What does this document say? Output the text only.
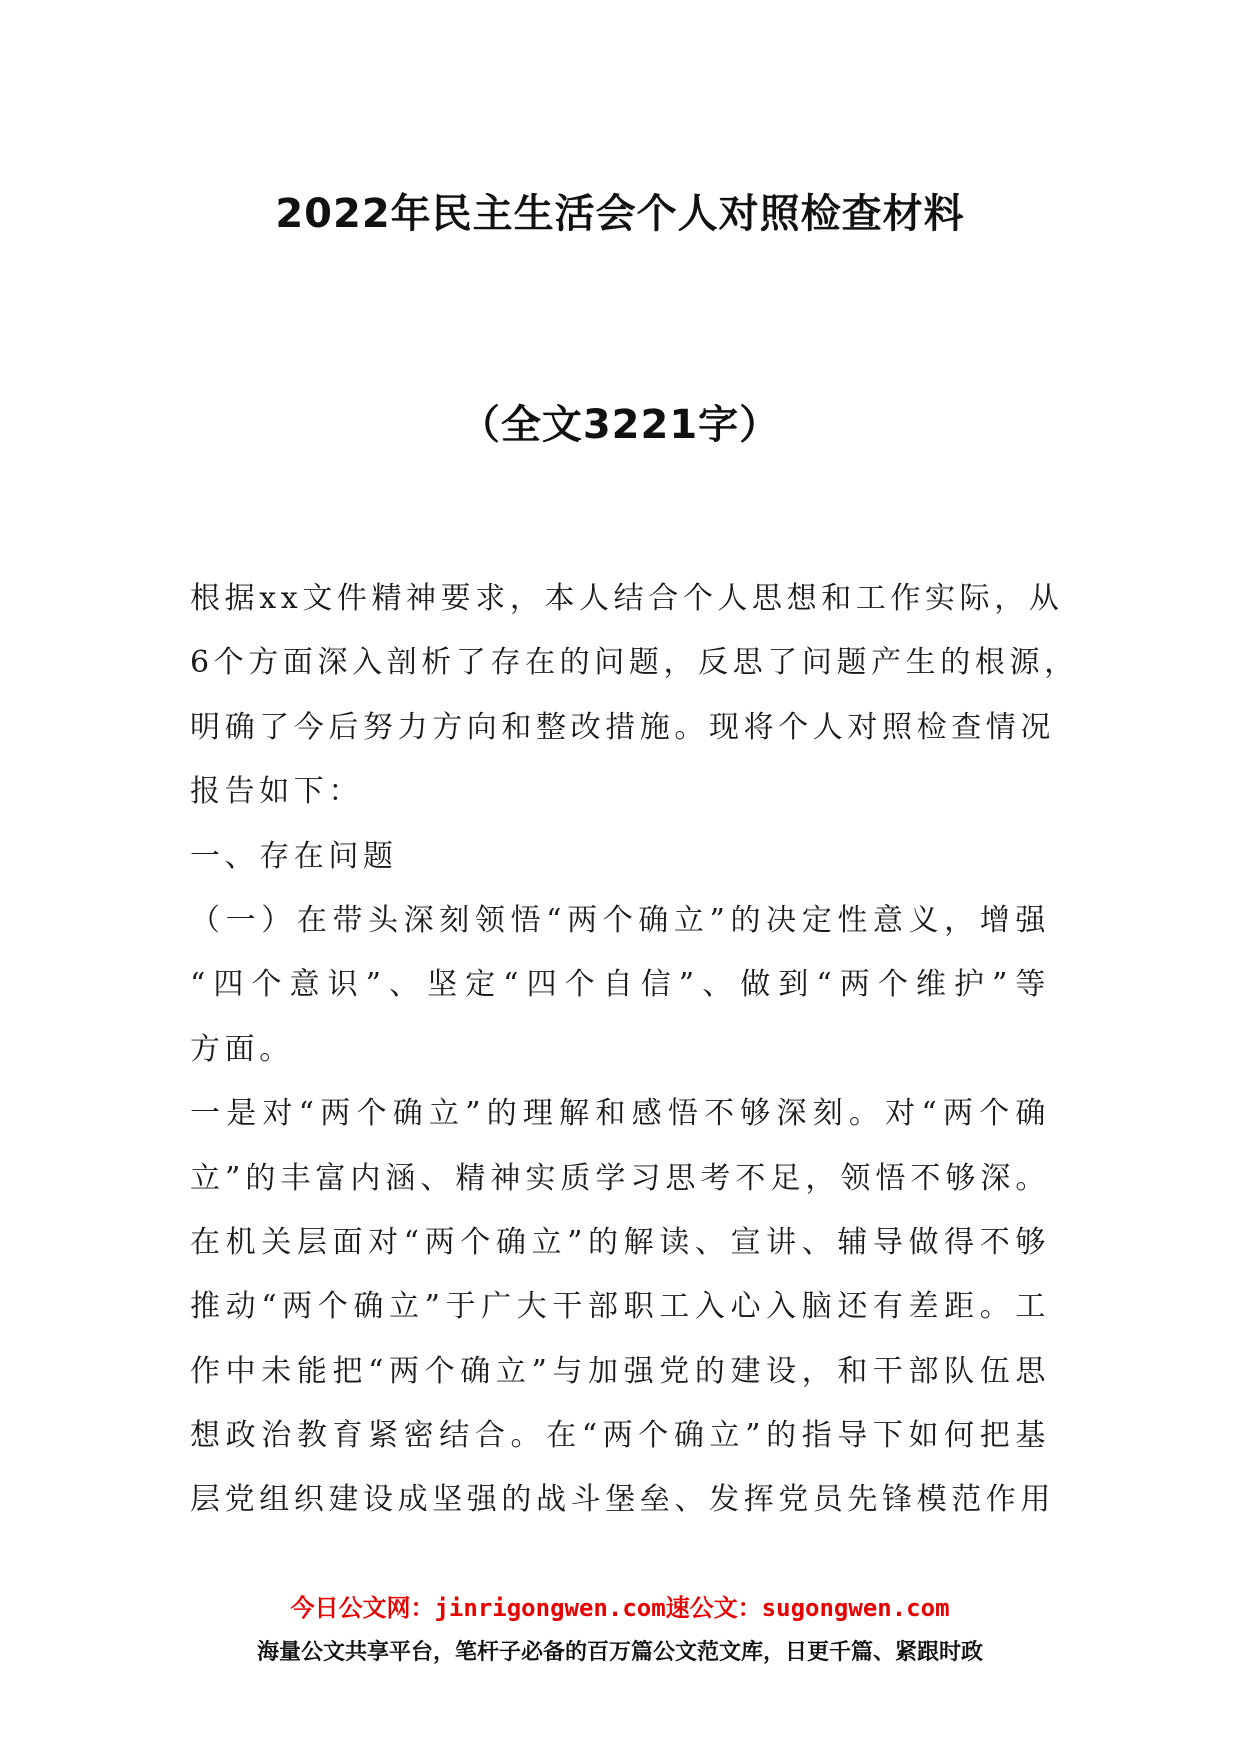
2022年民主生活会个人对照检查材料
（全文3221字）
根据xx文件精神要求，本人结合个人思想和工作实际，从
6个方面深入剖析了存在的问题，反思了问题产生的根源，
明确了今后努力方向和整改措施。现将个人对照检查情况
报告如下：
一、存在问题
（一）在带头深刻领悟“两个确立”的决定性意义，增强
“四个意识”、坚定“四个自信”、做到“两个维护”等
方面。
一是对“两个确立”的理解和感悟不够深刻。对“两个确
立”的丰富内涵、精神实质学习思考不足，领悟不够深。
在机关层面对“两个确立”的解读、宣讲、辅导做得不够
推动“两个确立”于广大干部职工入心入脑还有差距。工
作中未能把“两个确立”与加强党的建设，和干部队伍思
想政治教育紧密结合。在“两个确立”的指导下如何把基
层党组织建设成坚强的战斗堡垒、发挥党员先锋模范作用
今日公文网：jinrigongwen.com速公文：sugongwen.com
海量公文共享平台，笔杆子必备的百万篇公文范文库，日更千篇、紧跟时政
